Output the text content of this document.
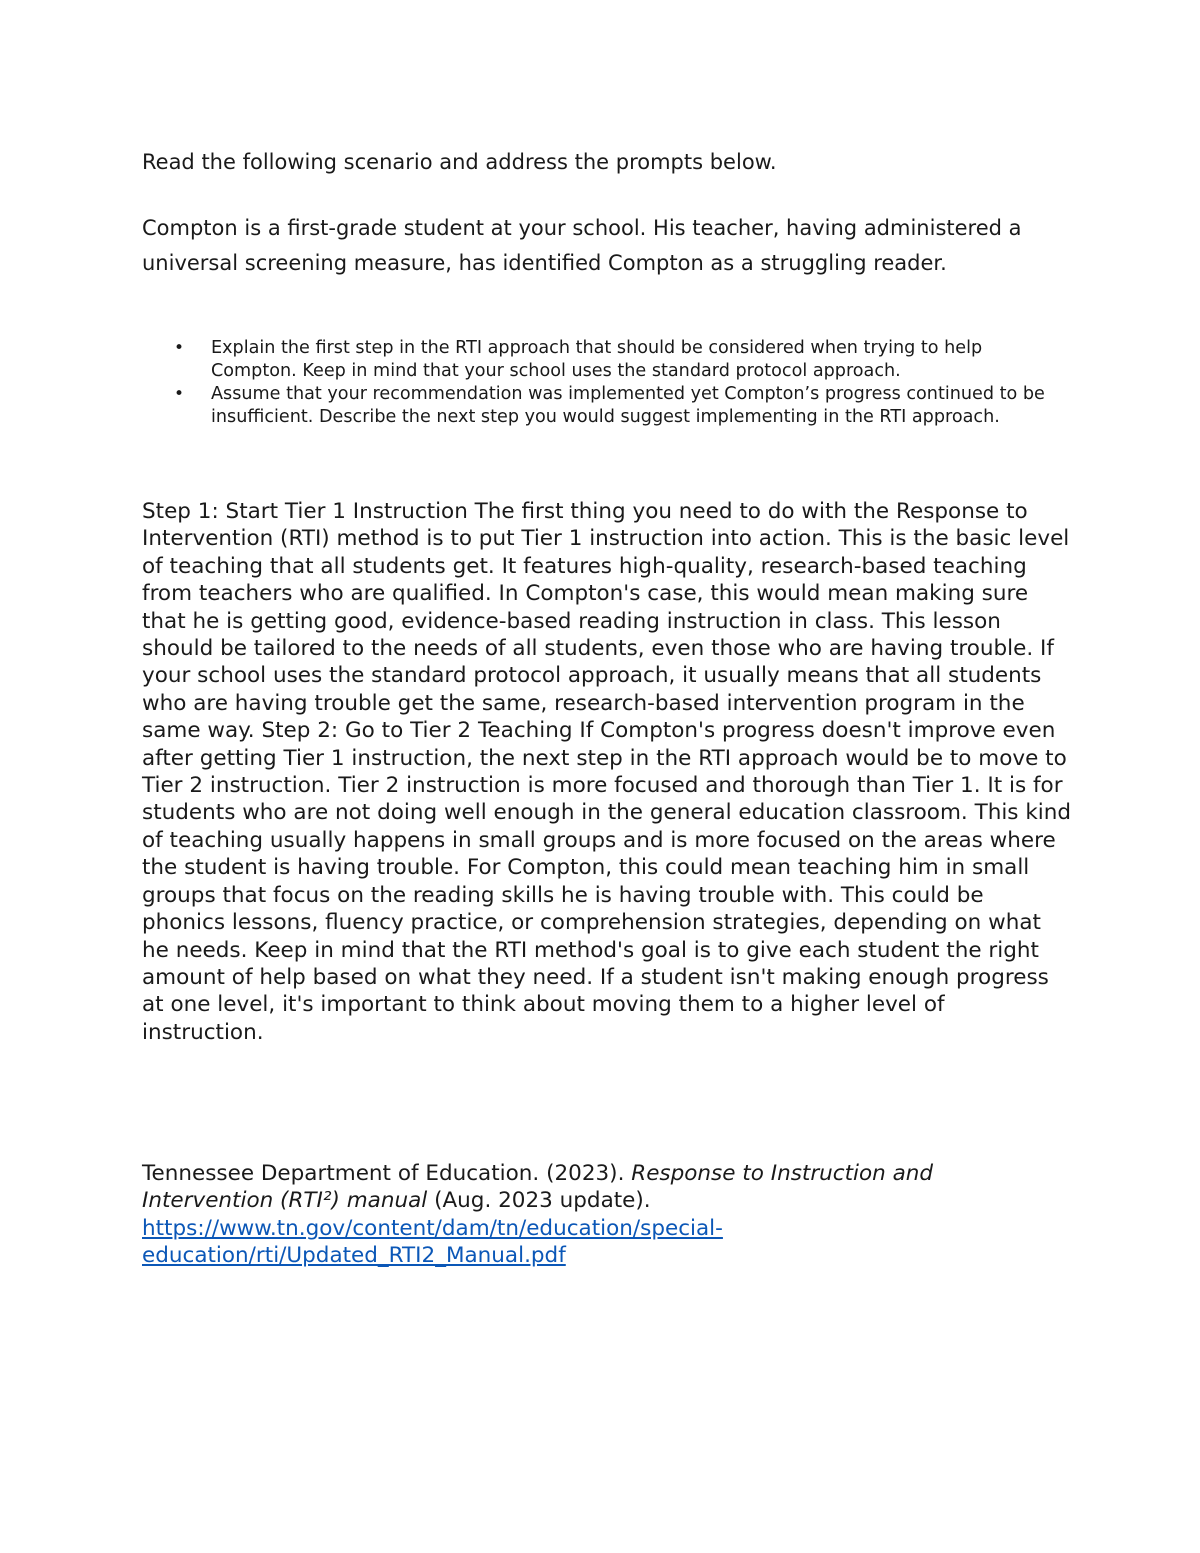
Read the following scenario and address the prompts below.

Compton is a first-grade student at your school. His teacher, having administered a universal screening measure, has identified Compton as a struggling reader.

• Explain the first step in the RTI approach that should be considered when trying to help Compton. Keep in mind that your school uses the standard protocol approach.
• Assume that your recommendation was implemented yet Compton’s progress continued to be insufficient. Describe the next step you would suggest implementing in the RTI approach.

Step 1: Start Tier 1 Instruction The first thing you need to do with the Response to Intervention (RTI) method is to put Tier 1 instruction into action. This is the basic level of teaching that all students get. It features high-quality, research-based teaching from teachers who are qualified. In Compton's case, this would mean making sure that he is getting good, evidence-based reading instruction in class. This lesson should be tailored to the needs of all students, even those who are having trouble. If your school uses the standard protocol approach, it usually means that all students who are having trouble get the same, research-based intervention program in the same way. Step 2: Go to Tier 2 Teaching If Compton's progress doesn't improve even after getting Tier 1 instruction, the next step in the RTI approach would be to move to Tier 2 instruction. Tier 2 instruction is more focused and thorough than Tier 1. It is for students who are not doing well enough in the general education classroom. This kind of teaching usually happens in small groups and is more focused on the areas where the student is having trouble. For Compton, this could mean teaching him in small groups that focus on the reading skills he is having trouble with. This could be phonics lessons, fluency practice, or comprehension strategies, depending on what he needs. Keep in mind that the RTI method's goal is to give each student the right amount of help based on what they need. If a student isn't making enough progress at one level, it's important to think about moving them to a higher level of instruction.

Tennessee Department of Education. (2023). Response to Instruction and Intervention (RTI²) manual (Aug. 2023 update). https://www.tn.gov/content/dam/tn/education/special-education/rti/Updated_RTI2_Manual.pdf
